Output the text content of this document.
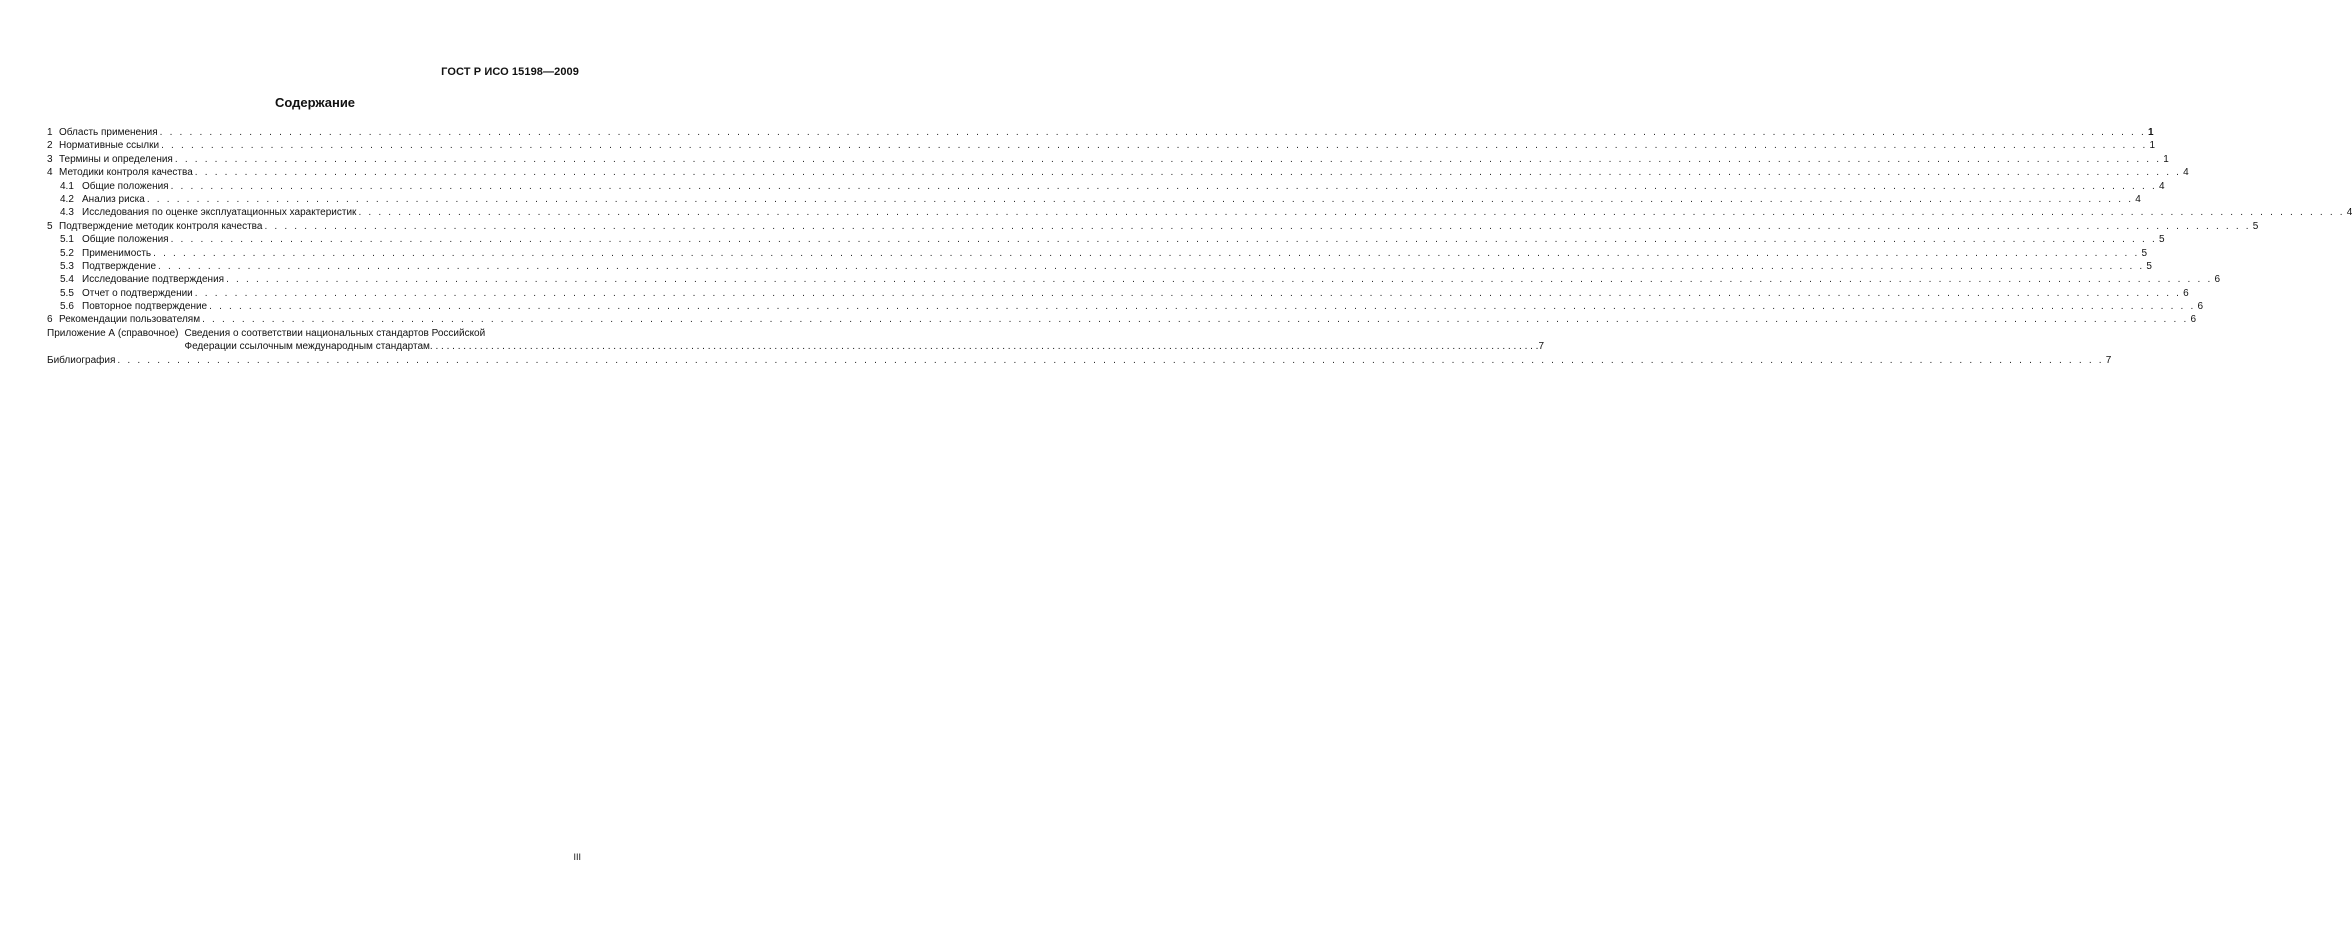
ГОСТ Р ИСО 15198—2009
Содержание
1 Область применения . . . . . . . . . . . . . . . . . . . . . . . . . . . . . . . . . . . . . . . . . . . . . . . . . . . . . . . . . . . . . . . . . . . . . . . . . . . . . . . . . . . . . . . . . . . . . . . . . . . . . . . . . . . . . . . . . . . . . . . . . . . . . . . . . . . . . . . . . . . . . . . . . . . . . . . . . . . . . . . . . . . . . . . . . . . . . . . . . . . . . . . . . . . . . . . . . . . . . . . . 1
2 Нормативные ссылки . . . . . . . . . . . . . . . . . . . . . . . . . . . . . . . . . . . . . . . . . . . . . . . . . . . . . . . . . . . . . . . . . . . . . . . . . . . . . . . . . . . . . . . . . . . . . . . . . . . . . . . . . . . . . . . . . . . . . . . . . . . . . . . . . . . . . . . . . . . . . . . . . . . . . . . . . . . . . . . . . . . . . . . . . . . . . . . . . . . . . . . . . . . . . . . . . . . . . . . . 1
3 Термины и определения . . . . . . . . . . . . . . . . . . . . . . . . . . . . . . . . . . . . . . . . . . . . . . . . . . . . . . . . . . . . . . . . . . . . . . . . . . . . . . . . . . . . . . . . . . . . . . . . . . . . . . . . . . . . . . . . . . . . . . . . . . . . . . . . . . . . . . . . . . . . . . . . . . . . . . . . . . . . . . . . . . . . . . . . . . . . . . . . . . . . . . . . . . . . . . . . . . . . . . . . 1
4 Методики контроля качества . . . . . . . . . . . . . . . . . . . . . . . . . . . . . . . . . . . . . . . . . . . . . . . . . . . . . . . . . . . . . . . . . . . . . . . . . . . . . . . . . . . . . . . . . . . . . . . . . . . . . . . . . . . . . . . . . . . . . . . . . . . . . . . . . . . . . . . . . . . . . . . . . . . . . . . . . . . . . . . . . . . . . . . . . . . . . . . . . . . . . . . . . . . . . . . . . . . . . . . . 4
4.1 Общие положения . . . . . . . . . . . . . . . . . . . . . . . . . . . . . . . . . . . . . . . . . . . . . . . . . . . . . . . . . . . . . . . . . . . . . . . . . . . . . . . . . . . . . . . . . . . . . . . . . . . . . . . . . . . . . . . . . . . . . . . . . . . . . . . . . . . . . . . . . . . . . . . . . . . . . . . . . . . . . . . . . . . . . . . . . . . . . . . . . . . . . . . . . . . . . . . . . . . . . . . . 4
4.2 Анализ риска . . . . . . . . . . . . . . . . . . . . . . . . . . . . . . . . . . . . . . . . . . . . . . . . . . . . . . . . . . . . . . . . . . . . . . . . . . . . . . . . . . . . . . . . . . . . . . . . . . . . . . . . . . . . . . . . . . . . . . . . . . . . . . . . . . . . . . . . . . . . . . . . . . . . . . . . . . . . . . . . . . . . . . . . . . . . . . . . . . . . . . . . . . . . . . . . . . . . . . . . 4
4.3 Исследования по оценке эксплуатационных характеристик . . . . . . . . . . . . . . . . . . . . . . . . . . . . . . . . . . . . . . . . . . . . . . . . . . . . . . . . . . . . . . . . . . . . . . . . . . . . . . . . . . . . . . . . . . . . . . . . . . . . . . . . . . . . . . . . . . . . . . . . . . . . . . . . . . . . . . . . . . . . . . . . . . . . . . . . . . . . . . . . . . . . . . . . . . . . . . . . . . . . . . . . . . . . . . . . . . . . . . . . 4
5 Подтверждение методик контроля качества . . . . . . . . . . . . . . . . . . . . . . . . . . . . . . . . . . . . . . . . . . . . . . . . . . . . . . . . . . . . . . . . . . . . . . . . . . . . . . . . . . . . . . . . . . . . . . . . . . . . . . . . . . . . . . . . . . . . . . . . . . . . . . . . . . . . . . . . . . . . . . . . . . . . . . . . . . . . . . . . . . . . . . . . . . . . . . . . . . . . . . . . . . . . . . . . . . . . . . . . 5
5.1 Общие положения . . . . . . . . . . . . . . . . . . . . . . . . . . . . . . . . . . . . . . . . . . . . . . . . . . . . . . . . . . . . . . . . . . . . . . . . . . . . . . . . . . . . . . . . . . . . . . . . . . . . . . . . . . . . . . . . . . . . . . . . . . . . . . . . . . . . . . . . . . . . . . . . . . . . . . . . . . . . . . . . . . . . . . . . . . . . . . . . . . . . . . . . . . . . . . . . . . . . . . . . 5
5.2 Применимость . . . . . . . . . . . . . . . . . . . . . . . . . . . . . . . . . . . . . . . . . . . . . . . . . . . . . . . . . . . . . . . . . . . . . . . . . . . . . . . . . . . . . . . . . . . . . . . . . . . . . . . . . . . . . . . . . . . . . . . . . . . . . . . . . . . . . . . . . . . . . . . . . . . . . . . . . . . . . . . . . . . . . . . . . . . . . . . . . . . . . . . . . . . . . . . . . . . . . . . . 5
5.3 Подтверждение . . . . . . . . . . . . . . . . . . . . . . . . . . . . . . . . . . . . . . . . . . . . . . . . . . . . . . . . . . . . . . . . . . . . . . . . . . . . . . . . . . . . . . . . . . . . . . . . . . . . . . . . . . . . . . . . . . . . . . . . . . . . . . . . . . . . . . . . . . . . . . . . . . . . . . . . . . . . . . . . . . . . . . . . . . . . . . . . . . . . . . . . . . . . . . . . . . . . . . . . 5
5.4 Исследование подтверждения . . . . . . . . . . . . . . . . . . . . . . . . . . . . . . . . . . . . . . . . . . . . . . . . . . . . . . . . . . . . . . . . . . . . . . . . . . . . . . . . . . . . . . . . . . . . . . . . . . . . . . . . . . . . . . . . . . . . . . . . . . . . . . . . . . . . . . . . . . . . . . . . . . . . . . . . . . . . . . . . . . . . . . . . . . . . . . . . . . . . . . . . . . . . . . . . . . . . . . . . 6
5.5 Отчет о подтверждении . . . . . . . . . . . . . . . . . . . . . . . . . . . . . . . . . . . . . . . . . . . . . . . . . . . . . . . . . . . . . . . . . . . . . . . . . . . . . . . . . . . . . . . . . . . . . . . . . . . . . . . . . . . . . . . . . . . . . . . . . . . . . . . . . . . . . . . . . . . . . . . . . . . . . . . . . . . . . . . . . . . . . . . . . . . . . . . . . . . . . . . . . . . . . . . . . . . . . . . . 6
5.6 Повторное подтверждение . . . . . . . . . . . . . . . . . . . . . . . . . . . . . . . . . . . . . . . . . . . . . . . . . . . . . . . . . . . . . . . . . . . . . . . . . . . . . . . . . . . . . . . . . . . . . . . . . . . . . . . . . . . . . . . . . . . . . . . . . . . . . . . . . . . . . . . . . . . . . . . . . . . . . . . . . . . . . . . . . . . . . . . . . . . . . . . . . . . . . . . . . . . . . . . . . . . . . . . . 6
6 Рекомендации пользователям . . . . . . . . . . . . . . . . . . . . . . . . . . . . . . . . . . . . . . . . . . . . . . . . . . . . . . . . . . . . . . . . . . . . . . . . . . . . . . . . . . . . . . . . . . . . . . . . . . . . . . . . . . . . . . . . . . . . . . . . . . . . . . . . . . . . . . . . . . . . . . . . . . . . . . . . . . . . . . . . . . . . . . . . . . . . . . . . . . . . . . . . . . . . . . . . . . . . . . . . 6
Приложение А (справочное) Сведения о соответствии национальных стандартов Российской
Федерации ссылочным международным стандартам . . . . . . . . . . . . . . . . . . . . . . . . . . . . . . . . . . . . . . . . . . . . . . . . . . . . . . . . . . . . . . . . . . . . . . . . . . . . . . . . . . . . . . . . . . . . . . . . . . . . . . . . . . . . . . . . . . . . . . . . . . . . . . . . . . . . . . . . . . . . . . . . . . . . . . . . . . . . . . . . . . . . . . . . . . . . . . . . . . . . . . . . . . . . . . . . . . . . . . . . 7
Библиография . . . . . . . . . . . . . . . . . . . . . . . . . . . . . . . . . . . . . . . . . . . . . . . . . . . . . . . . . . . . . . . . . . . . . . . . . . . . . . . . . . . . . . . . . . . . . . . . . . . . . . . . . . . . . . . . . . . . . . . . . . . . . . . . . . . . . . . . . . . . . . . . . . . . . . . . . . . . . . . . . . . . . . . . . . . . . . . . . . . . . . . . . . . . . . . . . . . . . . . . 7
III
